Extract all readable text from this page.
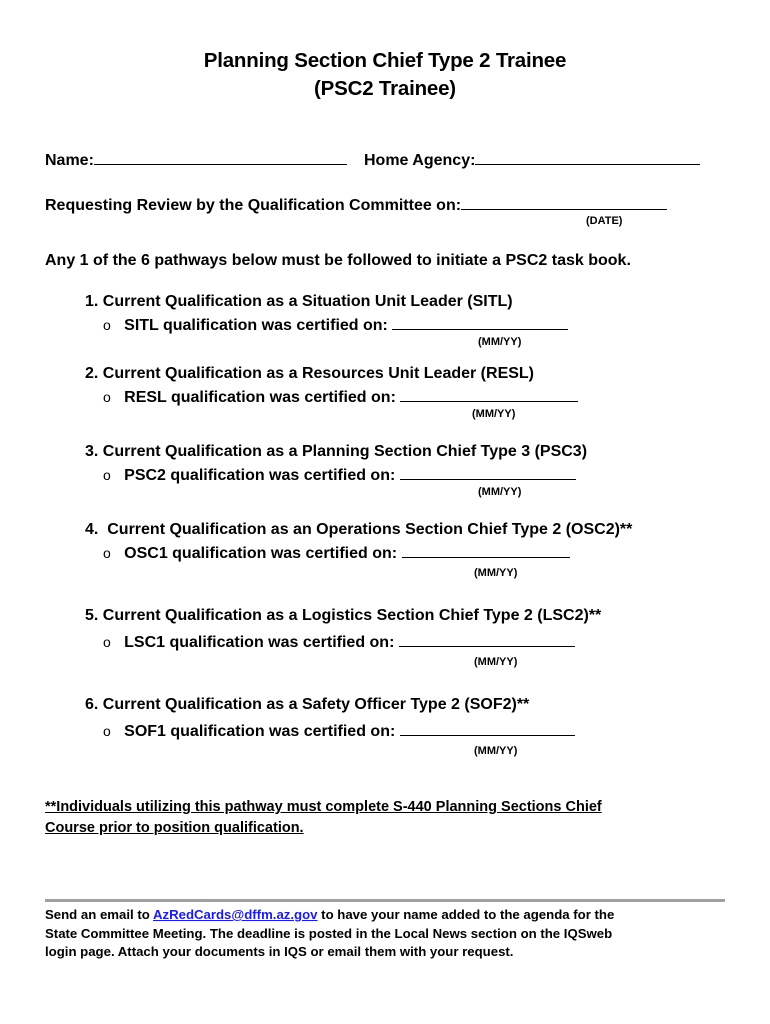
Planning Section Chief Type 2 Trainee
(PSC2 Trainee)
Name:	Home Agency:
Requesting Review by the Qualification Committee on:
(DATE)
Any 1 of the 6 pathways below must be followed to initiate a PSC2 task book.
1. Current Qualification as a Situation Unit Leader (SITL)
o SITL qualification was certified on:
(MM/YY)
2. Current Qualification as a Resources Unit Leader (RESL)
o RESL qualification was certified on:
(MM/YY)
3. Current Qualification as a Planning Section Chief Type 3 (PSC3)
o PSC2 qualification was certified on:
(MM/YY)
4. Current Qualification as an Operations Section Chief Type 2 (OSC2)**
o OSC1 qualification was certified on:
(MM/YY)
5. Current Qualification as a Logistics Section Chief Type 2 (LSC2)**
o LSC1 qualification was certified on:
(MM/YY)
6. Current Qualification as a Safety Officer Type 2 (SOF2)**
o SOF1 qualification was certified on:
(MM/YY)
**Individuals utilizing this pathway must complete S-440 Planning Sections Chief
Course prior to position qualification.
Send an email to AzRedCards@dffm.az.gov to have your name added to the agenda for the
State Committee Meeting. The deadline is posted in the Local News section on the IQSweb
login page. Attach your documents in IQS or email them with your request.
